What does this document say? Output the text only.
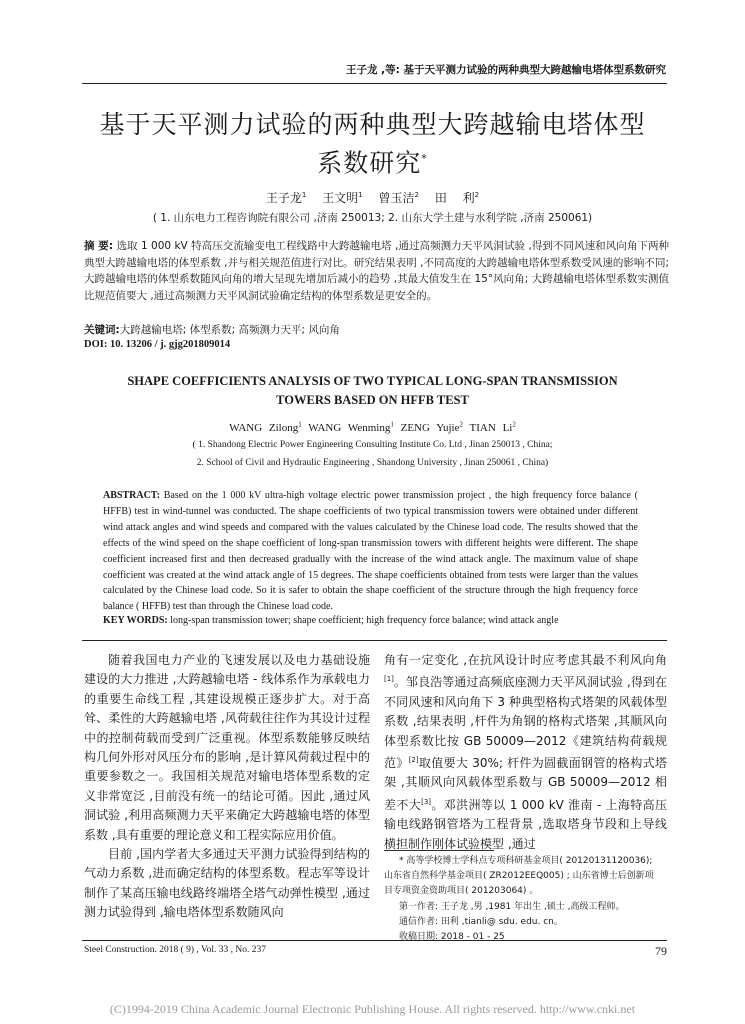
王子龙 ,等: 基于天平测力试验的两种典型大跨越输电塔体型系数研究
基于天平测力试验的两种典型大跨越输电塔体型
系数研究*
王子龙$^1$ 王文明$^1$ 曾玉洁$^2$ 田 利$^2$
( 1. 山东电力工程咨询院有限公司 ,济南 250013; 2. 山东大学土建与水利学院 ,济南 250061)
摘 要: 选取 1 000 kV 特高压交流输变电工程线路中大跨越输电塔 ,通过高频测力天平风洞试验 ,得到不同风速和风向角下两种典型大跨越输电塔的体型系数 ,并与相关规范值进行对比。研究结果表明 ,不同高度的大跨越输电塔体型系数受风速的影响不同; 大跨越输电塔的体型系数随风向角的增大呈现先增加后减小的趋势 ,其最大值发生在 15°风向角; 大跨越输电塔体型系数实测值比规范值要大 ,通过高频测力天平风洞试验确定结构的体型系数是更安全的。
关键词:大跨越输电塔; 体型系数; 高频测力天平; 风向角
DOI: 10. 13206 / j. gjg201809014
SHAPE COEFFICIENTS ANALYSIS OF TWO TYPICAL LONG-SPAN TRANSMISSION
TOWERS BASED ON HFFB TEST
WANG Zilong$^1$ WANG Wenming$^1$ ZENG Yujie$^2$ TIAN Li$^2$
( 1. Shandong Electric Power Engineering Consulting Institute Co. Ltd , Jinan 250013 , China;
2. School of Civil and Hydraulic Engineering , Shandong University , Jinan 250061 , China)
ABSTRACT: Based on the 1 000 kV ultra-high voltage electric power transmission project , the high frequency force balance ( HFFB) test in wind-tunnel was conducted. The shape coefficients of two typical transmission towers were obtained under different wind attack angles and wind speeds and compared with the values calculated by the Chinese load code. The results showed that the effects of the wind speed on the shape coefficient of long-span transmission towers with different heights were different. The shape coefficient increased first and then decreased gradually with the increase of the wind attack angle. The maximum value of shape coefficient was created at the wind attack angle of 15 degrees. The shape coefficients obtained from tests were larger than the values calculated by the Chinese load code. So it is safer to obtain the shape coefficient of the structure through the high frequency force balance ( HFFB) test than through the Chinese load code.
KEY WORDS: long-span transmission tower; shape coefficient; high frequency force balance; wind attack angle

随着我国电力产业的飞速发展以及电力基础设施建设的大力推进 ,大跨越输电塔 - 线体系作为承载电力的重要生命线工程 ,其建设规模正逐步扩大。对于高耸、柔性的大跨越输电塔 ,风荷载往往作为其设计过程中的控制荷载而受到广泛重视。体型系数能够反映结构几何外形对风压分布的影响 ,是计算风荷载过程中的重要参数之一。我国相关规范对输电塔体型系数的定义非常宽泛 ,目前没有统一的结论可循。因此 ,通过风洞试验 ,利用高频测力天平来确定大跨越输电塔的体型系数 ,具有重要的理论意义和工程实际应用价值。

目前 ,国内学者大多通过天平测力试验得到结构的气动力系数 ,进而确定结构的体型系数。程志军等设计制作了某高压输电线路终端塔全塔气动弹性模型 ,通过测力试验得到 ,输电塔体型系数随风向

角有一定变化 ,在抗风设计时应考虑其最不利风向角[1]。邹良浩等通过高频底座测力天平风洞试验 ,得到在不同风速和风向角下 3 种典型格构式塔架的风载体型系数 ,结果表明 ,杆件为角钢的格构式塔架 ,其顺风向体型系数比按 GB 50009—2012《建筑结构荷载规范》[2]取值要大 30%; 杆件为圆截面钢管的格构式塔架 ,其顺风向风载体型系数与 GB 50009—2012 相差不大[3]。邓洪洲等以 1 000 kV 淮南 - 上海特高压输电线路钢管塔为工程背景 ,选取塔身节段和上导线横担制作刚体试验模型 ,通过

* 高等学校博士学科点专项科研基金项目( 20120131120036);
山东省自然科学基金项目( ZR2012EEQ005) ; 山东省博士后创新项
目专项资金资助项目( 201203064) 。
第一作者: 王子龙 ,男 ,1981 年出生 ,硕士 ,高级工程师。
通信作者: 田利 ,tianli@ sdu. edu. cn。
收稿日期: 2018 - 01 - 25
Steel Construction. 2018 ( 9) , Vol. 33 , No. 237	79
(C)1994-2019 China Academic Journal Electronic Publishing House. All rights reserved. http://www.cnki.net
